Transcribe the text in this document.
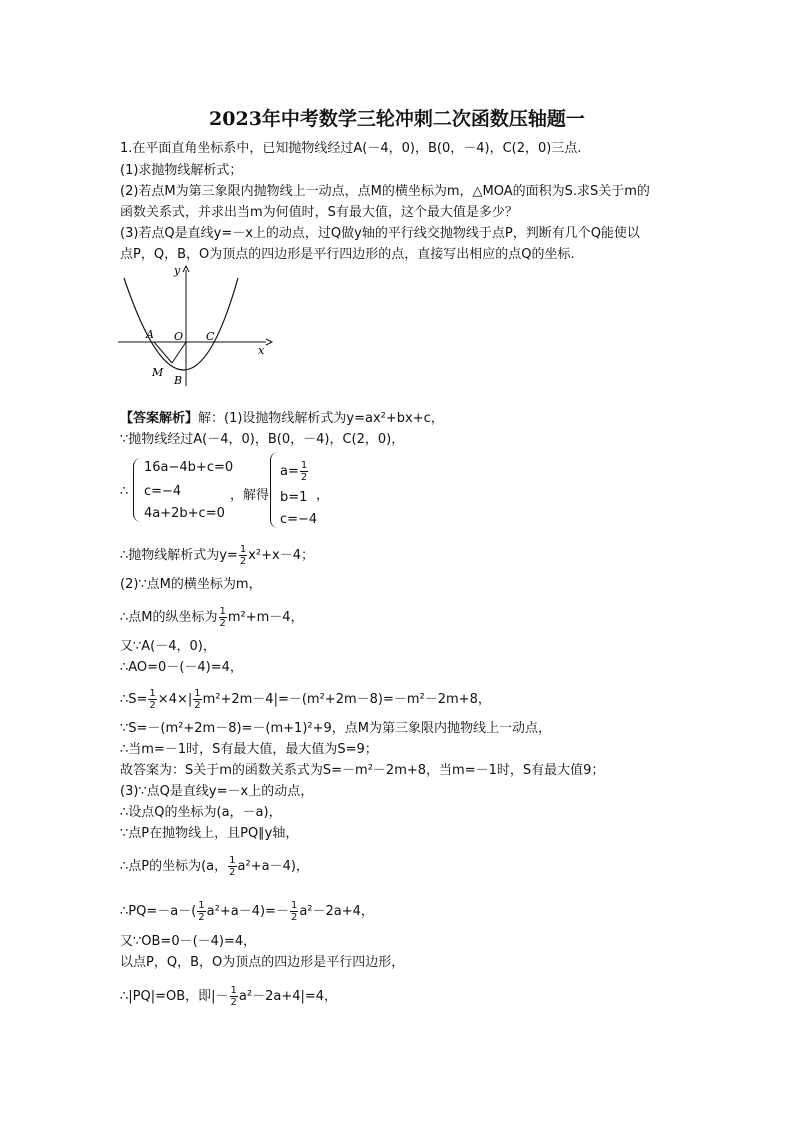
2023年中考数学三轮冲刺二次函数压轴题一
1.在平面直角坐标系中，已知抛物线经过A(－4，0)，B(0，－4)，C(2，0)三点.
(1)求抛物线解析式；
(2)若点M为第三象限内抛物线上一动点，点M的横坐标为m，△MOA的面积为S.求S关于m的
函数关系式，并求出当m为何值时，S有最大值，这个最大值是多少？
(3)若点Q是直线y=－x上的动点，过Q做y轴的平行线交抛物线于点P，判断有几个Q能使以
点P，Q，B，O为顶点的四边形是平行四边形的点，直接写出相应的点Q的坐标.
y
x
A O C
M
B
【答案解析】解：(1)设抛物线解析式为y=ax²+bx+c，
∵抛物线经过A(－4，0)，B(0，－4)，C(2，0)，
∴
16a−4b+c=0
c=−4
4a+2b+c=0
，解得
$a= \frac{1}{2}$
b=1
c=−4
，
∴抛物线解析式为$y= \frac{1}{2} x^2+x-4$；
(2)∵点M的横坐标为m，
∴点M的纵坐标为 $\frac{1}{2} m^2+m-4$，
又∵A(－4，0)，
∴AO=0－(－4)=4，
∴S= $\frac{1}{2} \times 4\times| \frac{1}{2} m^2+2m-4|=-(m^2+2m-8)=-m^2-2m+8$，
∵S=－(m²+2m－8)=－(m+1)²+9，点M为第三象限内抛物线上一动点，
∴当m=－1时，S有最大值，最大值为S=9；
故答案为：S关于m的函数关系式为S=－m²－2m+8，当m=－1时，S有最大值9；
(3)∵点Q是直线y=－x上的动点，
∴设点Q的坐标为(a，－a)，
∵点P在抛物线上，且PQ∥y轴，
∴点P的坐标为(a， $\frac{1}{2} a^2+a-4$)，
∴PQ=－a－( $\frac{1}{2} a^2+a-4)=- \frac{1}{2} a^2-2a+4$，
又∵OB=0－(－4)=4，
以点P，Q，B，O为顶点的四边形是平行四边形，
∴|PQ|=OB，即|－ $\frac{1}{2} a^2-2a+4|=4$，
